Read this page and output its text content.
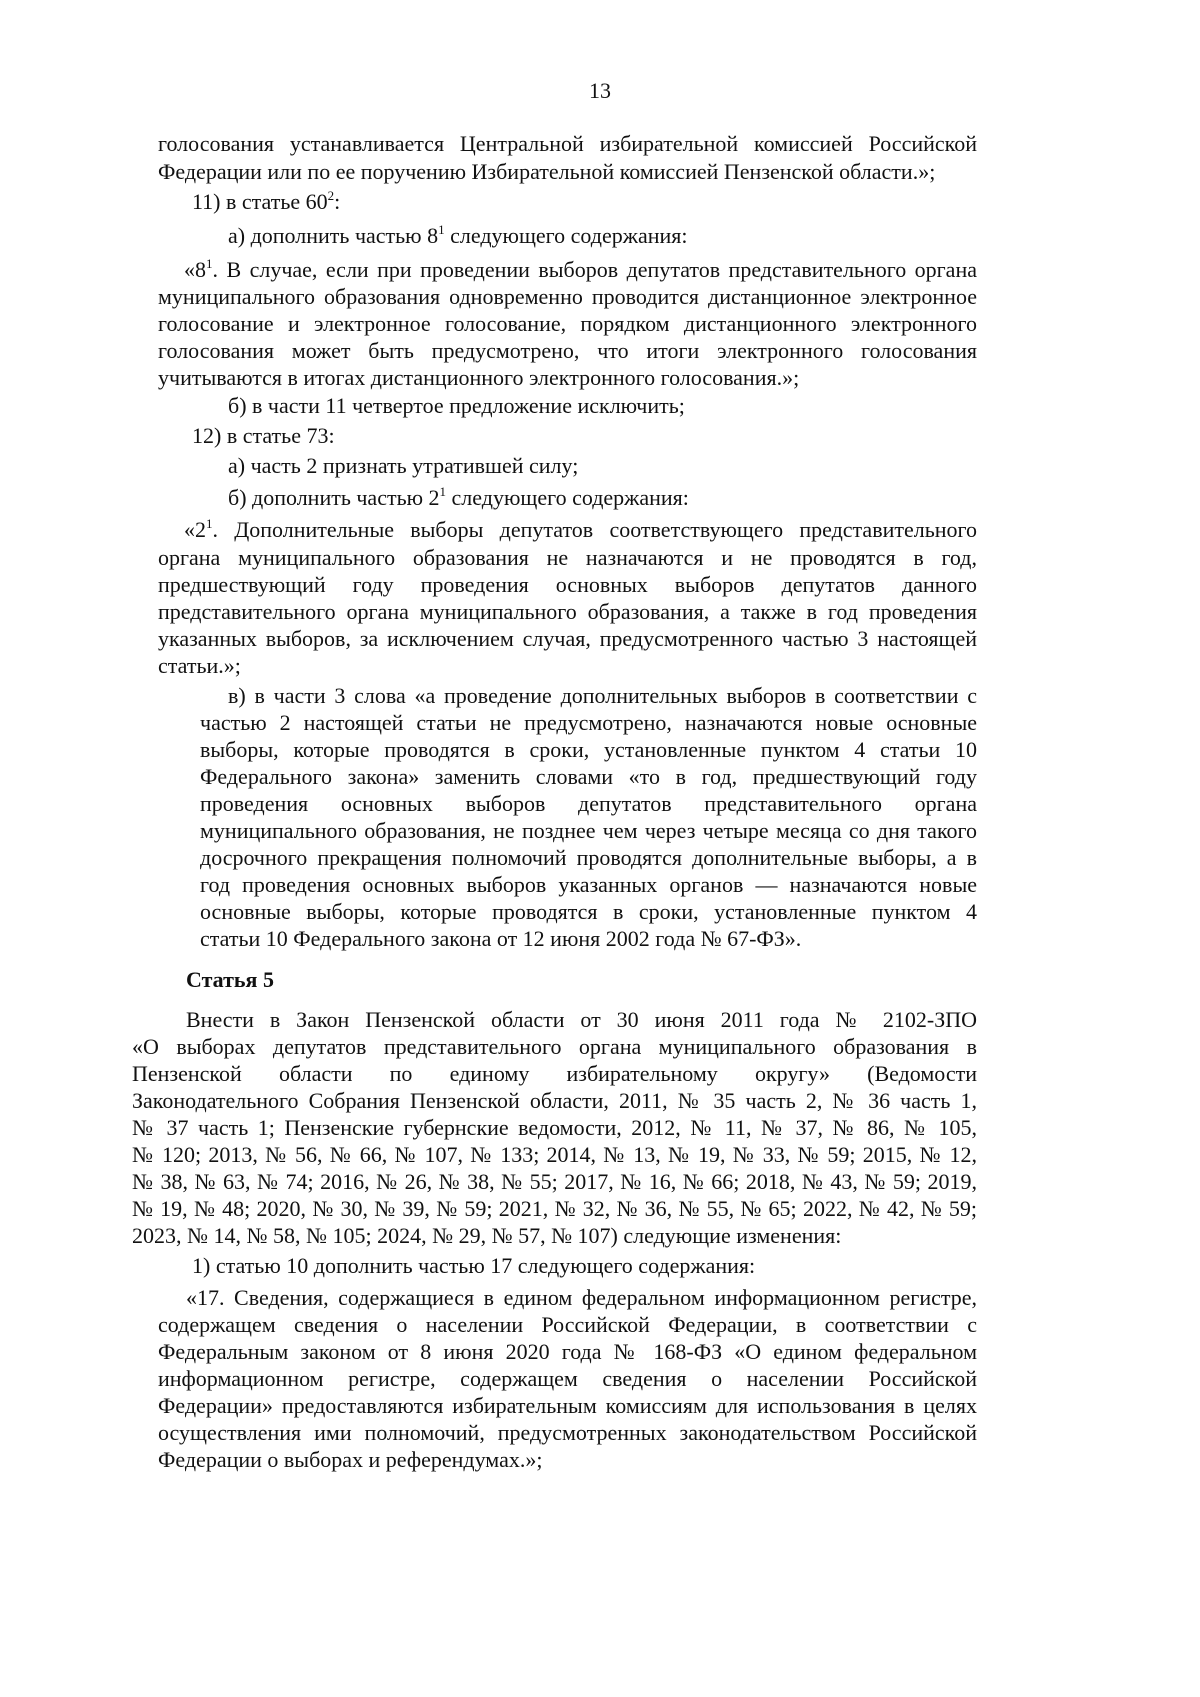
13

голосования устанавливается Центральной избирательной комиссией Российской

Федерации или по ее поручению Избирательной комиссией Пензенской области.»;

11) в статье $60^2$:

а) дополнить частью $8^1$ следующего содержания:

«$8^1$. В случае, если при проведении выборов депутатов представительного органа

муниципального образования одновременно проводится дистанционное электронное

голосование и электронное голосование, порядком дистанционного электронного

голосования может быть предусмотрено, что итоги электронного голосования

учитываются в итогах дистанционного электронного голосования.»;

б) в части 11 четвертое предложение исключить;

12) в статье 73:

а) часть 2 признать утратившей силу;

б) дополнить частью $2^1$ следующего содержания:

«$2^1$. Дополнительные выборы депутатов соответствующего представительного

органа муниципального образования не назначаются и не проводятся в год,

предшествующий году проведения основных выборов депутатов данного

представительного органа муниципального образования, а также в год проведения

указанных выборов, за исключением случая, предусмотренного частью 3 настоящей

статьи.»;

в) в части 3 слова «а проведение дополнительных выборов в соответствии с

частью 2 настоящей статьи не предусмотрено, назначаются новые основные

выборы, которые проводятся в сроки, установленные пунктом 4 статьи 10

Федерального закона» заменить словами «то в год, предшествующий году

проведения основных выборов депутатов представительного органа

муниципального образования, не позднее чем через четыре месяца со дня такого

досрочного прекращения полномочий проводятся дополнительные выборы, а в

год проведения основных выборов указанных органов — назначаются новые

основные выборы, которые проводятся в сроки, установленные пунктом 4

статьи 10 Федерального закона от 12 июня 2002 года № 67-ФЗ».

Статья 5

Внести в Закон Пензенской области от 30 июня 2011 года № 2102-ЗПО

«О выборах депутатов представительного органа муниципального образования в

Пензенской области по единому избирательному округу» (Ведомости

Законодательного Собрания Пензенской области, 2011, № 35 часть 2, № 36 часть 1,

№ 37 часть 1; Пензенские губернские ведомости, 2012, № 11, № 37, № 86, № 105,

№ 120; 2013, № 56, № 66, № 107, № 133; 2014, № 13, № 19, № 33, № 59; 2015, № 12,

№ 38, № 63, № 74; 2016, № 26, № 38, № 55; 2017, № 16, № 66; 2018, № 43, № 59; 2019,

№ 19, № 48; 2020, № 30, № 39, № 59; 2021, № 32, № 36, № 55, № 65; 2022, № 42, № 59;

2023, № 14, № 58, № 105; 2024, № 29, № 57, № 107) следующие изменения:

1) статью 10 дополнить частью 17 следующего содержания:

«17. Сведения, содержащиеся в едином федеральном информационном регистре,

содержащем сведения о населении Российской Федерации, в соответствии с

Федеральным законом от 8 июня 2020 года № 168-ФЗ «О едином федеральном

информационном регистре, содержащем сведения о населении Российской

Федерации» предоставляются избирательным комиссиям для использования в целях

осуществления ими полномочий, предусмотренных законодательством Российской

Федерации о выборах и референдумах.»;
